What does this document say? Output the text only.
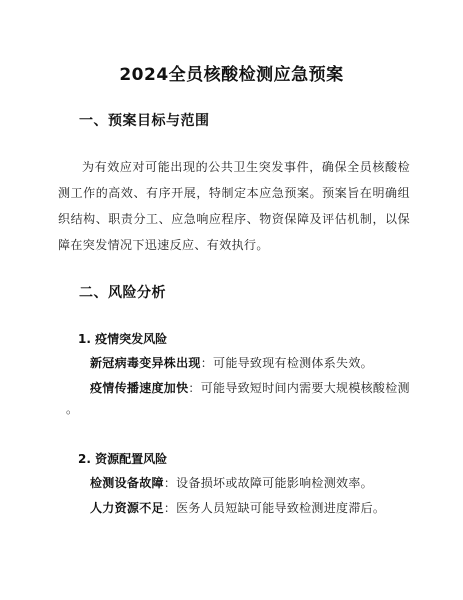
2024全员核酸检测应急预案
一、预案目标与范围
为有效应对可能出现的公共卫生突发事件，确保全员核酸检测工作的高效、有序开展，特制定本应急预案。预案旨在明确组织结构、职责分工、应急响应程序、物资保障及评估机制，以保障在突发情况下迅速反应、有效执行。
二、风险分析
1. 疫情突发风险
新冠病毒变异株出现：可能导致现有检测体系失效。
疫情传播速度加快：可能导致短时间内需要大规模核酸检测
。
2. 资源配置风险
检测设备故障：设备损坏或故障可能影响检测效率。
人力资源不足：医务人员短缺可能导致检测进度滞后。
